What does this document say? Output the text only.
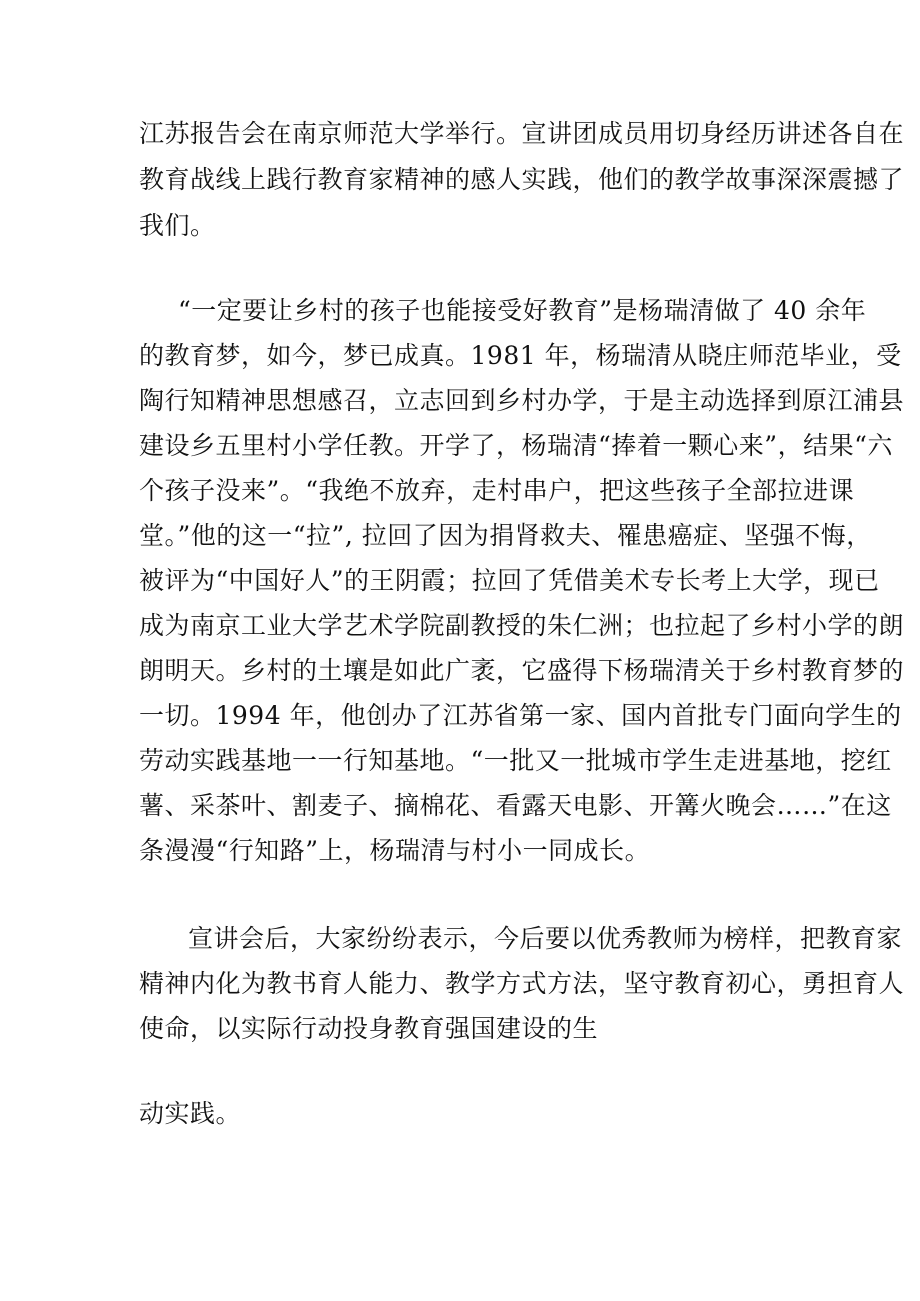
江苏报告会在南京师范大学举行。宣讲团成员用切身经历讲述各自在
教育战线上践行教育家精神的感人实践，他们的教学故事深深震撼了
我们。
“一定要让乡村的孩子也能接受好教育”是杨瑞清做了 40 余年
的教育梦，如今，梦已成真。1981 年，杨瑞清从晓庄师范毕业，受
陶行知精神思想感召，立志回到乡村办学，于是主动选择到原江浦县
建设乡五里村小学任教。开学了，杨瑞清“捧着一颗心来”，结果“六
个孩子没来”。“我绝不放弃，走村串户，把这些孩子全部拉进课
堂。”他的这一“拉”, 拉回了因为捐肾救夫、罹患癌症、坚强不悔，
被评为“中国好人”的王阴霞；拉回了凭借美术专长考上大学，现已
成为南京工业大学艺术学院副教授的朱仁洲；也拉起了乡村小学的朗
朗明天。乡村的土壤是如此广袤，它盛得下杨瑞清关于乡村教育梦的
一切。1994 年，他创办了江苏省第一家、国内首批专门面向学生的
劳动实践基地一一行知基地。“一批又一批城市学生走进基地，挖红
薯、采茶叶、割麦子、摘棉花、看露天电影、开篝火晚会……”在这
条漫漫“行知路”上，杨瑞清与村小一同成长。
宣讲会后，大家纷纷表示，今后要以优秀教师为榜样，把教育家
精神内化为教书育人能力、教学方式方法，坚守教育初心，勇担育人
使命，以实际行动投身教育强国建设的生
动实践。
